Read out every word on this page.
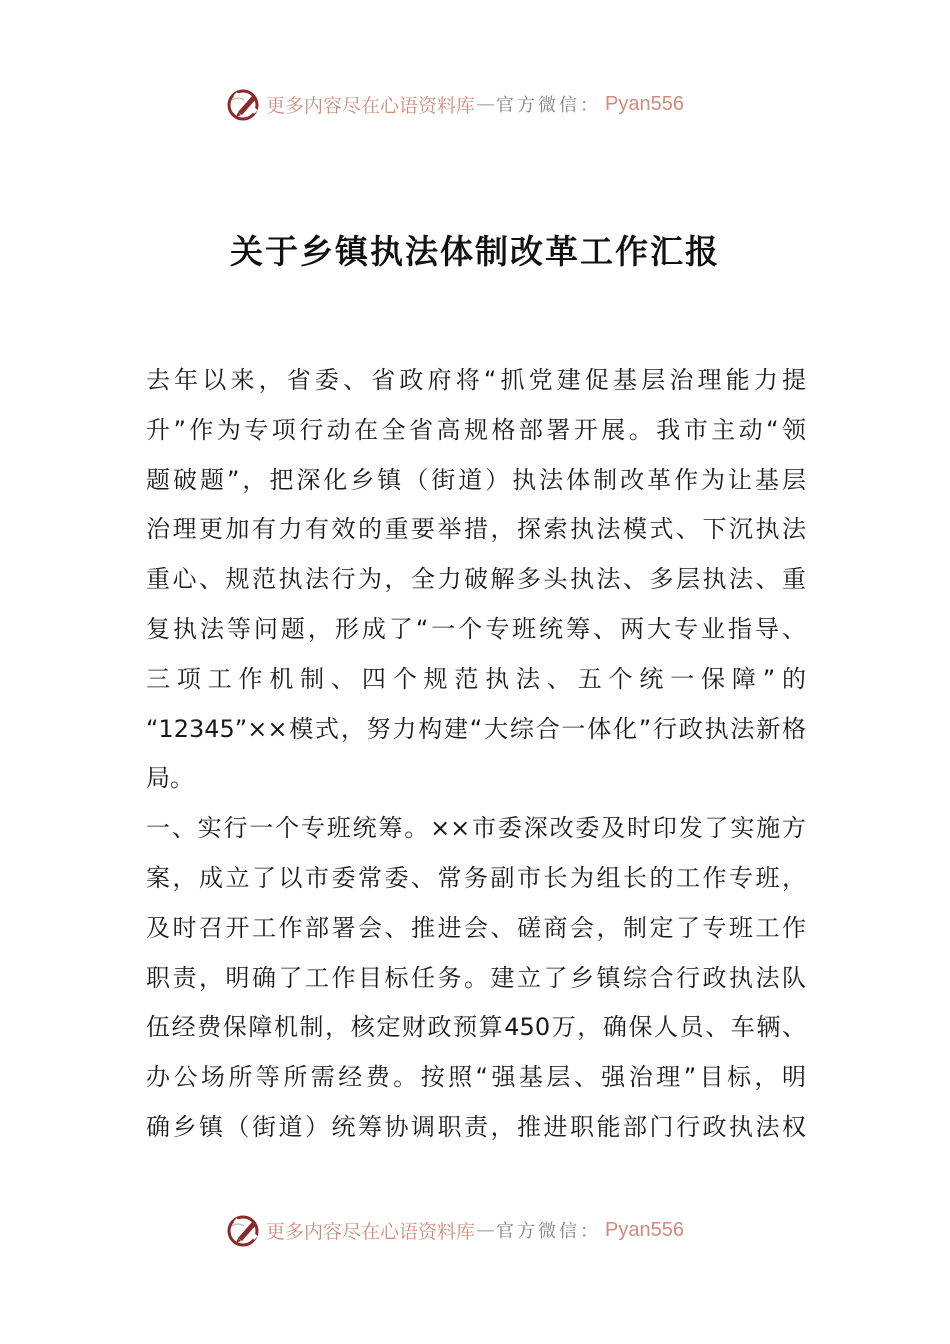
更多内容尽在心语资料库 — 官方微信： Pyan556
关于乡镇执法体制改革工作汇报
去年以来，省委、省政府将“抓党建促基层治理能力提
升”作为专项行动在全省高规格部署开展。我市主动“领
题破题”，把深化乡镇（街道）执法体制改革作为让基层
治理更加有力有效的重要举措，探索执法模式、下沉执法
重心、规范执法行为，全力破解多头执法、多层执法、重
复执法等问题，形成了“一个专班统筹、两大专业指导、
三项工作机制、四个规范执法、五个统一保障”的
“12345”××模式，努力构建“大综合一体化”行政执法新格
局。
一、实行一个专班统筹。××市委深改委及时印发了实施方
案，成立了以市委常委、常务副市长为组长的工作专班，
及时召开工作部署会、推进会、磋商会，制定了专班工作
职责，明确了工作目标任务。建立了乡镇综合行政执法队
伍经费保障机制，核定财政预算450万，确保人员、车辆、
办公场所等所需经费。按照“强基层、强治理”目标，明
确乡镇（街道）统筹协调职责，推进职能部门行政执法权
更多内容尽在心语资料库 — 官方微信： Pyan556
